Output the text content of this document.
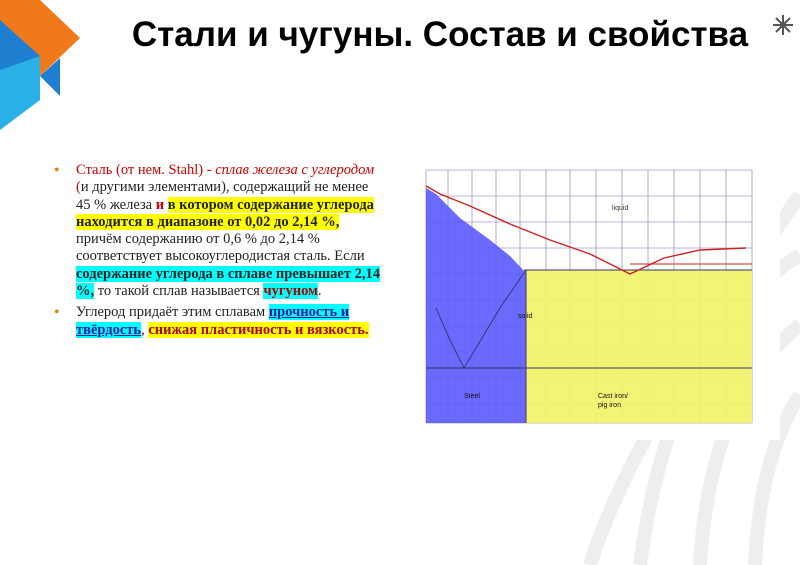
Стали и чугуны. Состав и свойства
• Сталь (от нем. Stahl) - сплав железа с углеродом (и другими элементами), содержащий не менее 45 % железа и в котором содержание углерода находится в диапазоне от 0,02 до 2,14 %, причём содержанию от 0,6 % до 2,14 % соответствует высокоуглеродистая сталь. Если содержание углерода в сплаве превышает 2,14 %, то такой сплав называется чугуном.
• Углерод придаёт этим сплавам прочность и твёрдость, снижая пластичность и вязкость.
liquid
solid
Steel	Cast iron/ pig iron
